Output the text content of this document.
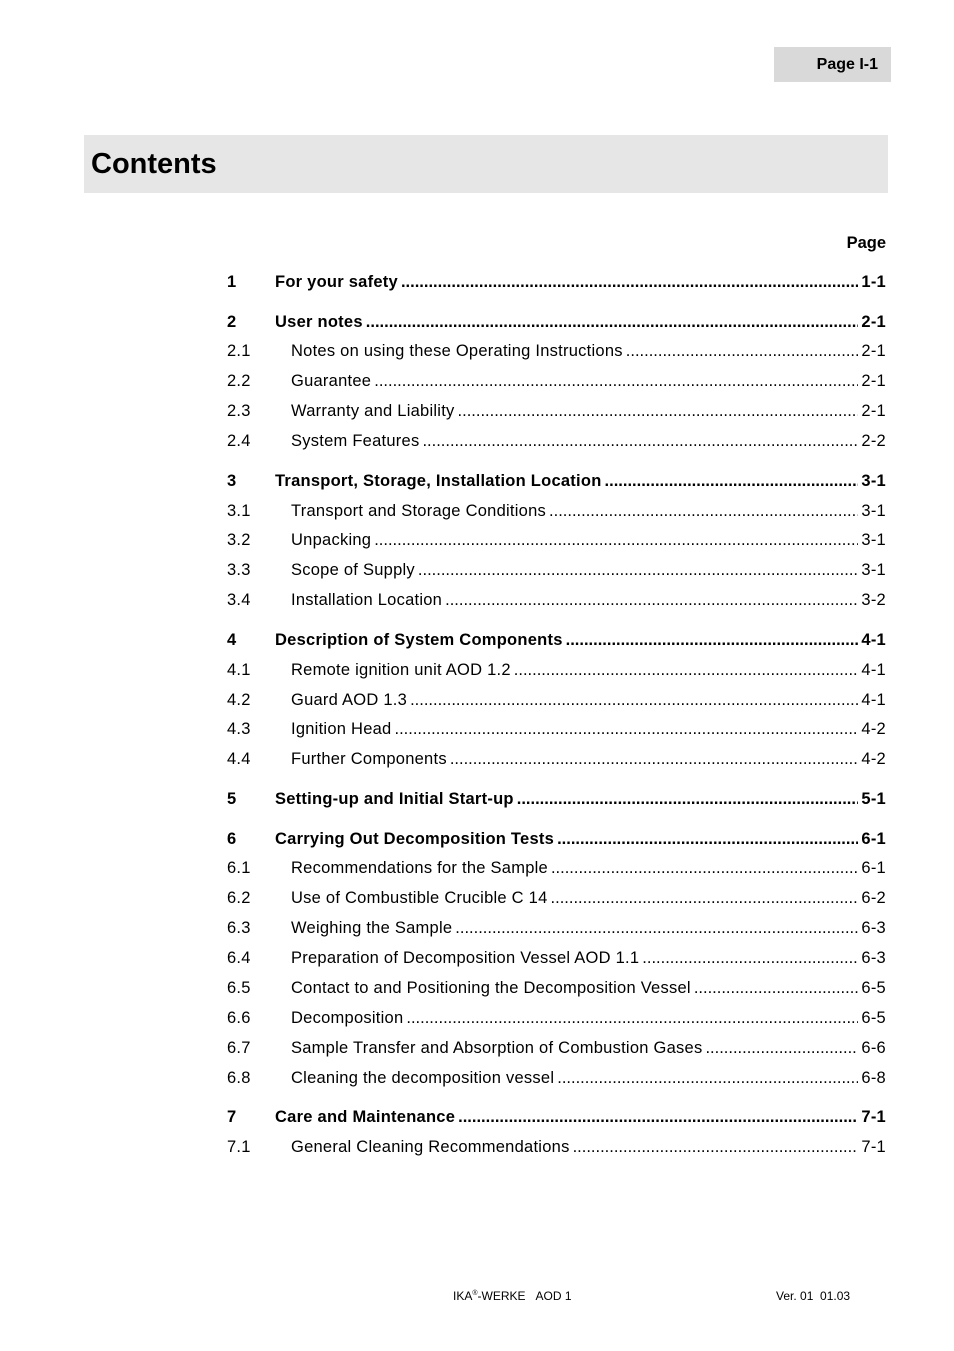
Page I-1
Contents
Page
1	For your safety .....	1-1
2	User notes .....	2-1
2.1	Notes on using these Operating Instructions .....	2-1
2.2	Guarantee .....	2-1
2.3	Warranty and Liability .....	2-1
2.4	System Features .....	2-2
3	Transport, Storage, Installation Location .....	3-1
3.1	Transport and Storage Conditions .....	3-1
3.2	Unpacking .....	3-1
3.3	Scope of Supply .....	3-1
3.4	Installation Location .....	3-2
4	Description of System Components .....	4-1
4.1	Remote ignition unit AOD 1.2 .....	4-1
4.2	Guard AOD 1.3 .....	4-1
4.3	Ignition Head .....	4-2
4.4	Further Components .....	4-2
5	Setting-up and Initial Start-up .....	5-1
6	Carrying Out Decomposition Tests .....	6-1
6.1	Recommendations for the Sample .....	6-1
6.2	Use of Combustible Crucible C 14 .....	6-2
6.3	Weighing the Sample .....	6-3
6.4	Preparation of Decomposition Vessel AOD 1.1 .....	6-3
6.5	Contact to and Positioning the Decomposition Vessel .....	6-5
6.6	Decomposition .....	6-5
6.7	Sample Transfer and Absorption of Combustion Gases .....	6-6
6.8	Cleaning the decomposition vessel .....	6-8
7	Care and Maintenance .....	7-1
7.1	General Cleaning Recommendations .....	7-1
IKA®-WERKE AOD 1	Ver. 01  01.03
